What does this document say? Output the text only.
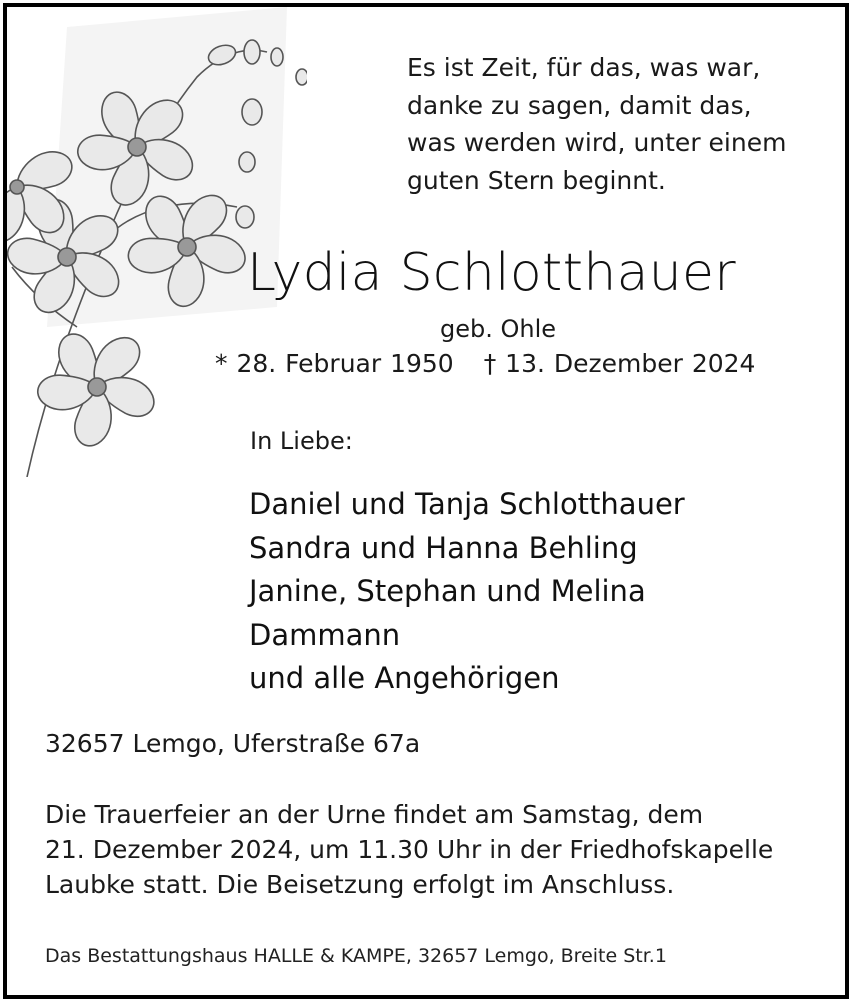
Es ist Zeit, für das, was war,
danke zu sagen, damit das,
was werden wird, unter einem
guten Stern beginnt.
Lydia Schlotthauer
geb. Ohle
* 28. Februar 1950 † 13. Dezember 2024
In Liebe:
Daniel und Tanja Schlotthauer
Sandra und Hanna Behling
Janine, Stephan und Melina
Dammann
und alle Angehörigen
32657 Lemgo, Uferstraße 67a
Die Trauerfeier an der Urne findet am Samstag, dem
21. Dezember 2024, um 11.30 Uhr in der Friedhofskapelle
Laubke statt. Die Beisetzung erfolgt im Anschluss.
Das Bestattungshaus HALLE & KAMPE, 32657 Lemgo, Breite Str.1
